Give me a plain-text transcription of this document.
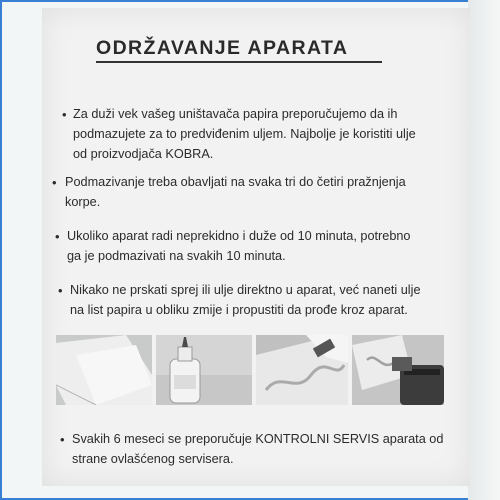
ODRŽAVANJE APARATA
• Za duži vek vašeg uništavača papira preporučujemo da ih
podmazujete za to predviđenim uljem. Najbolje je koristiti ulje
od proizvodjača KOBRA.

• Podmazivanje treba obavljati na svaka tri do četiri pražnjenja
korpe.

• Ukoliko aparat radi neprekidno i duže od 10 minuta, potrebno
ga je podmazivati na svakih 10 minuta.

• Nikako ne prskati sprej ili ulje direktno u aparat, već naneti ulje
na list papira u obliku zmije i propustiti da prođe kroz aparat.

• Svakih 6 meseci se preporučuje KONTROLNI SERVIS aparata od
strane ovlašćenog servisera.
